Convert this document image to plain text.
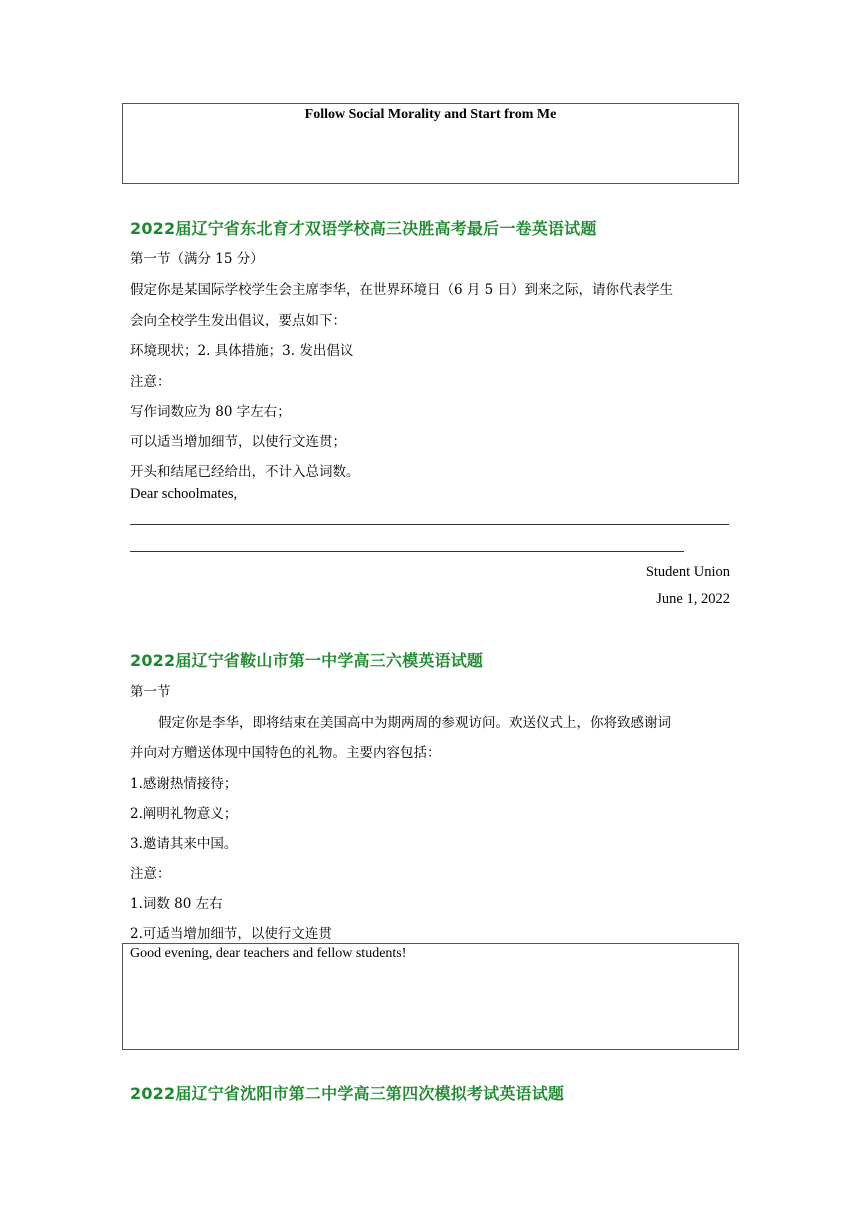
Follow Social Morality and Start from Me
2022届辽宁省东北育才双语学校高三决胜高考最后一卷英语试题
第一节（满分 15 分）
假定你是某国际学校学生会主席李华，在世界环境日（6 月 5 日）到来之际，请你代表学生
会向全校学生发出倡议，要点如下：
环境现状；2. 具体措施；3. 发出倡议
注意：
写作词数应为 80 字左右；
可以适当增加细节，以使行文连贯；
开头和结尾已经给出，不计入总词数。
Dear schoolmates,
Student Union
June 1, 2022
2022届辽宁省鞍山市第一中学高三六模英语试题
第一节
假定你是李华，即将结束在美国高中为期两周的参观访问。欢送仪式上，你将致感谢词
并向对方赠送体现中国特色的礼物。主要内容包括：
1.感谢热情接待；
2.阐明礼物意义；
3.邀请其来中国。
注意：
1.词数 80 左右
2.可适当增加细节，以使行文连贯
Good evening, dear teachers and fellow students!
2022届辽宁省沈阳市第二中学高三第四次模拟考试英语试题
